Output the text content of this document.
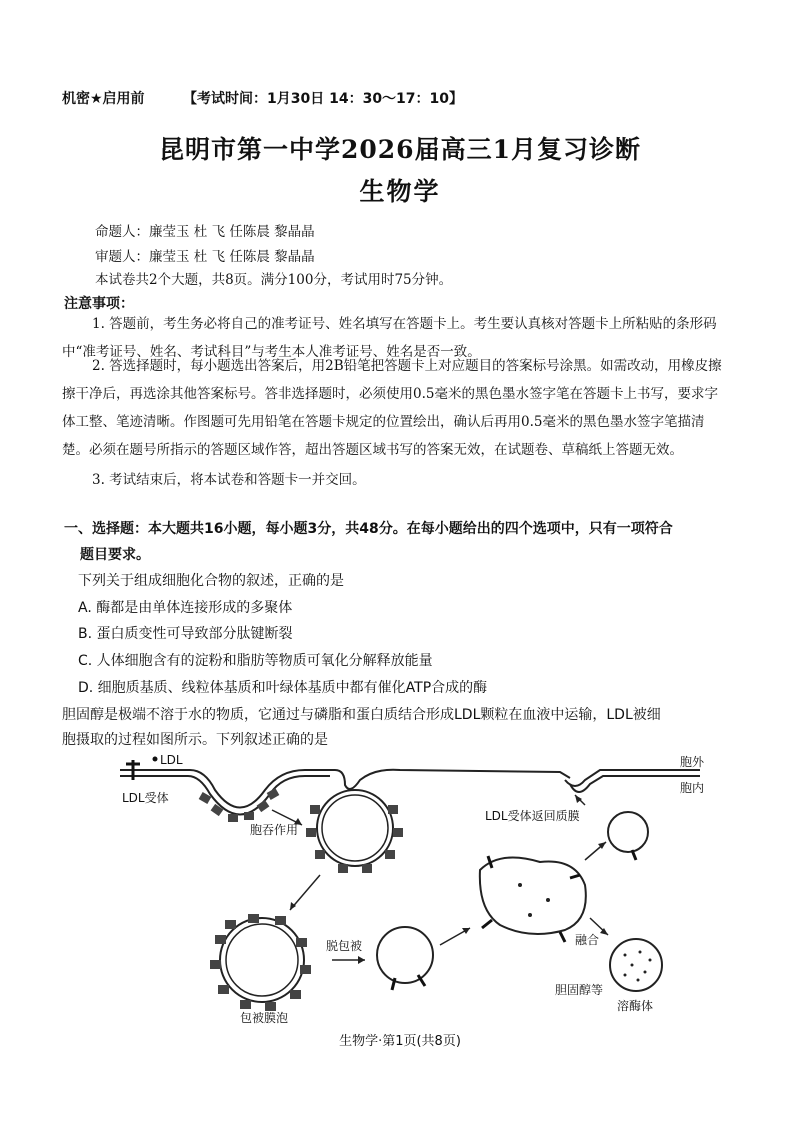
机密★启用前	【考试时间：1月30日 14：30～17：10】
昆明市第一中学2026届高三1月复习诊断
生物学
命题人：廉莹玉 杜 飞 任陈晨 黎晶晶
审题人：廉莹玉 杜 飞 任陈晨 黎晶晶
本试卷共2个大题，共8页。满分100分，考试用时75分钟。
注意事项：
1. 答题前，考生务必将自己的准考证号、姓名填写在答题卡上。考生要认真核对答题卡上所粘贴的条形码中“准考证号、姓名、考试科目”与考生本人准考证号、姓名是否一致。
2. 答选择题时，每小题选出答案后，用2B铅笔把答题卡上对应题目的答案标号涂黑。如需改动，用橡皮擦擦干净后，再选涂其他答案标号。答非选择题时，必须使用0.5毫米的黑色墨水签字笔在答题卡上书写，要求字体工整、笔迹清晰。作图题可先用铅笔在答题卡规定的位置绘出，确认后再用0.5毫米的黑色墨水签字笔描清楚。必须在题号所指示的答题区域作答，超出答题区域书写的答案无效，在试题卷、草稿纸上答题无效。
3. 考试结束后，将本试卷和答题卡一并交回。
一、选择题：本大题共16小题，每小题3分，共48分。在每小题给出的四个选项中，只有一项符合
题目要求。
下列关于组成细胞化合物的叙述，正确的是
A. 酶都是由单体连接形成的多聚体
B. 蛋白质变性可导致部分肽键断裂
C. 人体细胞含有的淀粉和脂肪等物质可氧化分解释放能量
D. 细胞质基质、线粒体基质和叶绿体基质中都有催化ATP合成的酶
胆固醇是极端不溶于水的物质，它通过与磷脂和蛋白质结合形成LDL颗粒在血液中运输，LDL被细
胞摄取的过程如图所示。下列叙述正确的是
LDL
LDL受体
胞吞作用
胞外
胞内
LDL受体返回质膜
脱包被
包被膜泡
融合
胆固醇等
溶酶体
生物学·第1页(共8页)
